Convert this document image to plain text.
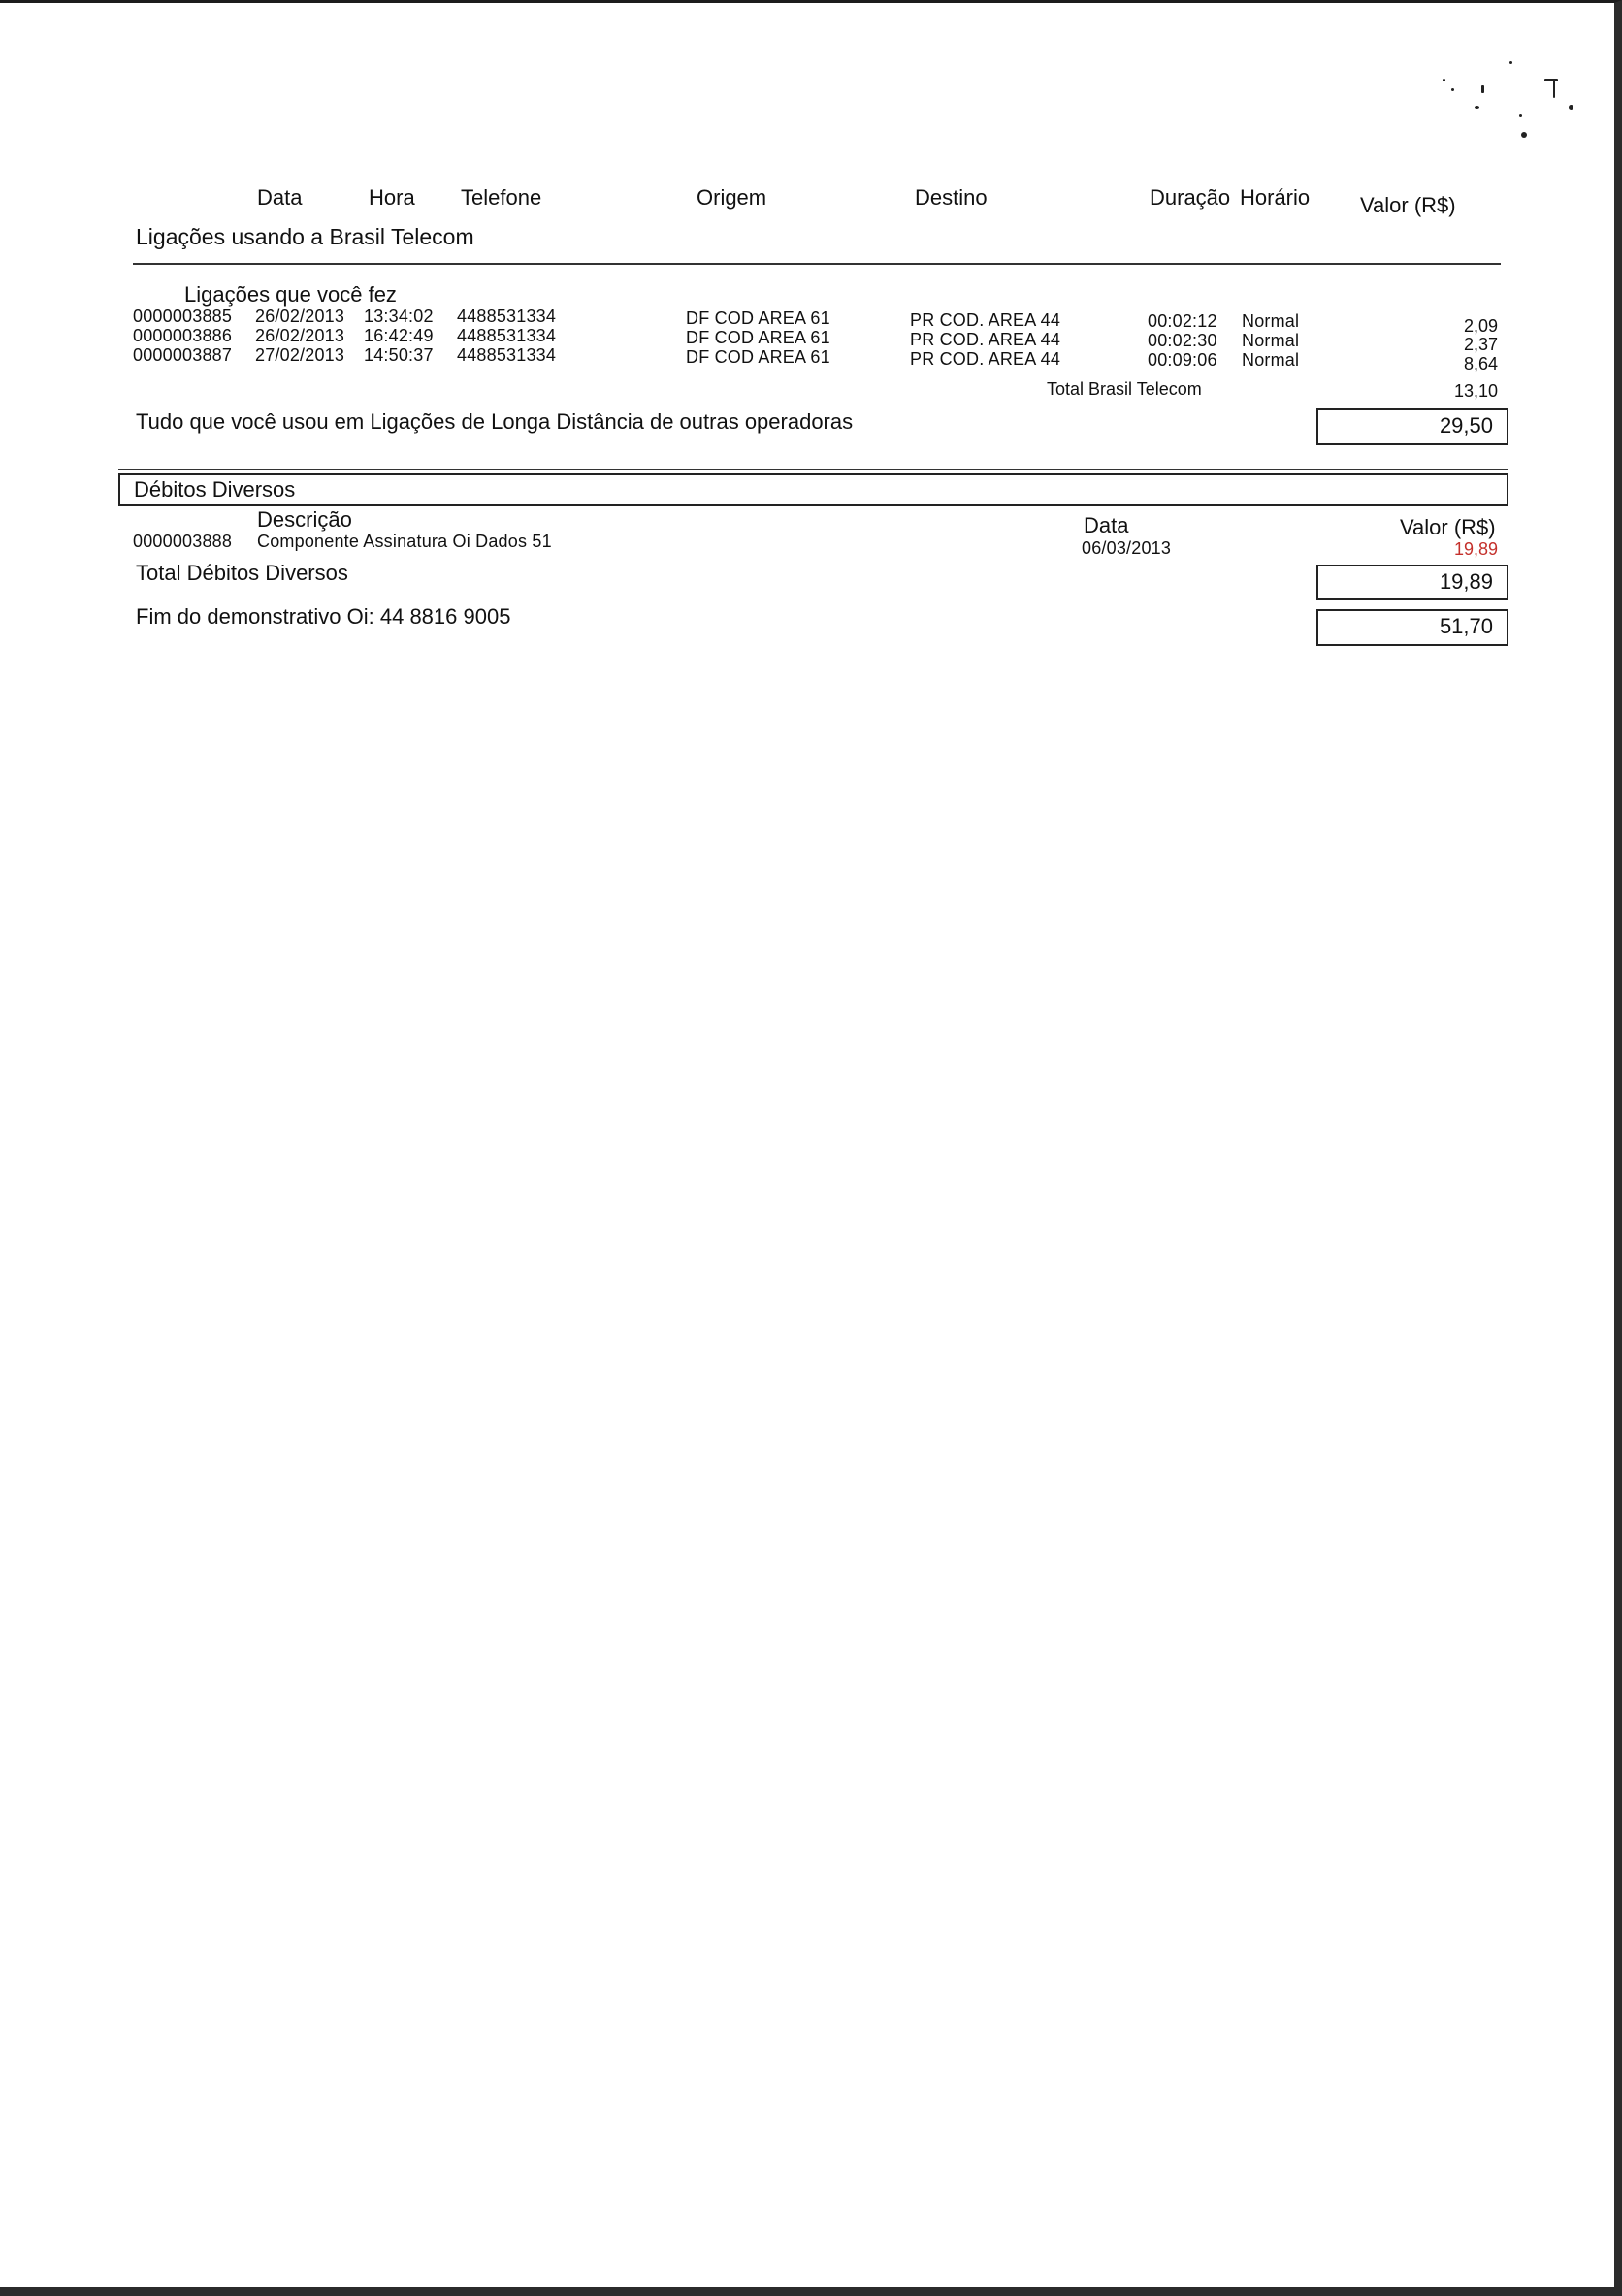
Data	Hora Telefone	Origem	Destino	Duração Horário Valor (R$)
Ligações usando a Brasil Telecom
Ligações que você fez
0000003885 26/02/2013 13:34:02 4488531334	DF COD AREA 61	PR COD. AREA 44	00:02:12 Normal	2,09
0000003886 26/02/2013 16:42:49 4488531334	DF COD AREA 61	PR COD. AREA 44	00:02:30 Normal	2,37
0000003887 27/02/2013 14:50:37 4488531334	DF COD AREA 61	PR COD. AREA 44	00:09:06 Normal	8,64
Total Brasil Telecom	13,10
Tudo que você usou em Ligações de Longa Distância de outras operadoras	29,50
Débitos Diversos
Descrição	Data	Valor (R$)
0000003888 Componente Assinatura Oi Dados 51	06/03/2013	19,89
Total Débitos Diversos	19,89
Fim do demonstrativo Oi: 44 8816 9005	51,70
